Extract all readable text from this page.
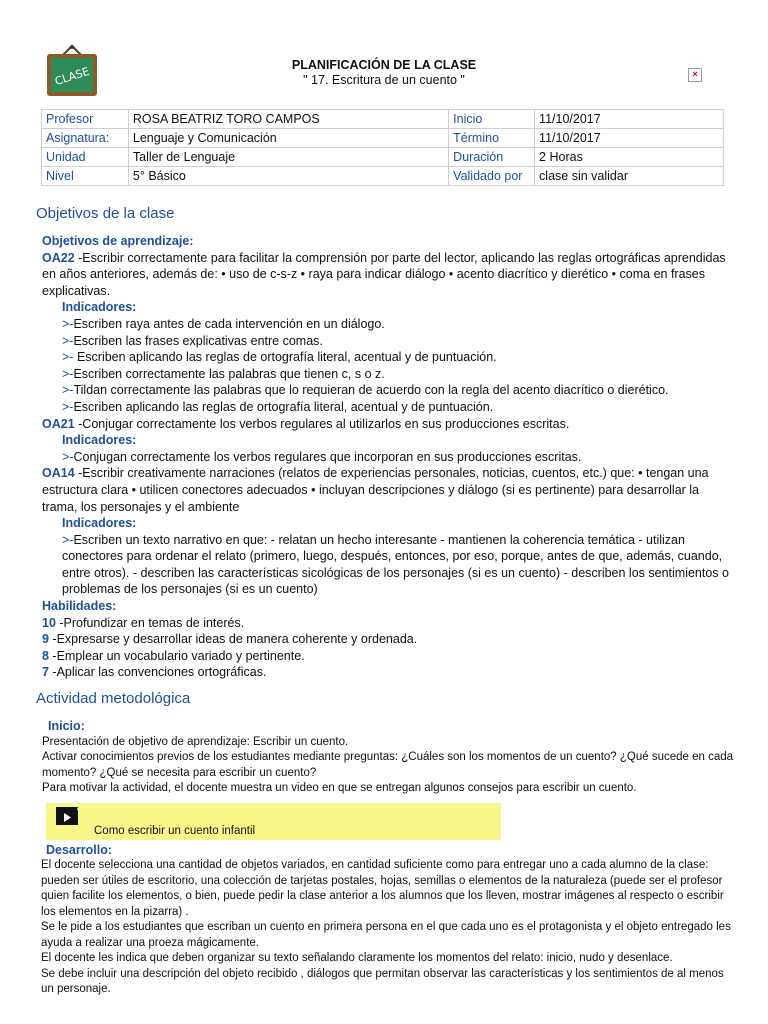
CLASE	PLANIFICACIÓN DE LA CLASE
" 17. Escritura de un cuento "	×
Profesor	ROSA BEATRIZ TORO CAMPOS	Inicio	11/10/2017
Asignatura:	Lenguaje y Comunicación	Término	11/10/2017
Unidad	Taller de Lenguaje	Duración	2 Horas
Nivel	5° Básico	Validado por	clase sin validar
Objetivos de la clase
Objetivos de aprendizaje:
OA22 -Escribir correctamente para facilitar la comprensión por parte del lector, aplicando las reglas ortográficas aprendidas en años anteriores, además de: • uso de c-s-z • raya para indicar diálogo • acento diacrítico y dierético • coma en frases explicativas.
Indicadores:
>-Escriben raya antes de cada intervención en un diálogo.
>-Escriben las frases explicativas entre comas.
>- Escriben aplicando las reglas de ortografía literal, acentual y de puntuación.
>-Escriben correctamente las palabras que tienen c, s o z.
>-Tildan correctamente las palabras que lo requieran de acuerdo con la regla del acento diacrítico o dierético.
>-Escriben aplicando las reglas de ortografía literal, acentual y de puntuación.
OA21 -Conjugar correctamente los verbos regulares al utilizarlos en sus producciones escritas.
Indicadores:
>-Conjugan correctamente los verbos regulares que incorporan en sus producciones escritas.
OA14 -Escribir creativamente narraciones (relatos de experiencias personales, noticias, cuentos, etc.) que: • tengan una estructura clara • utilicen conectores adecuados • incluyan descripciones y diálogo (si es pertinente) para desarrollar la trama, los personajes y el ambiente
Indicadores:
>-Escriben un texto narrativo en que: - relatan un hecho interesante - mantienen la coherencia temática - utilizan conectores para ordenar el relato (primero, luego, después, entonces, por eso, porque, antes de que, además, cuando, entre otros). - describen las características sicológicas de los personajes (si es un cuento) - describen los sentimientos o problemas de los personajes (si es un cuento)
Habilidades:
10 -Profundizar en temas de interés.
9 -Expresarse y desarrollar ideas de manera coherente y ordenada.
8 -Emplear un vocabulario variado y pertinente.
7 -Aplicar las convenciones ortográficas.
Actividad metodológica
Inicio:
Presentación de objetivo de aprendizaje: Escribir un cuento.
Activar conocimientos previos de los estudiantes mediante preguntas: ¿Cuáles son los momentos de un cuento? ¿Qué sucede en cada momento? ¿Qué se necesita para escribir un cuento?
Para motivar la actividad, el docente muestra un video en que se entregan algunos consejos para escribir un cuento.
Como escribir un cuento infantil
Desarrollo:
El docente selecciona una cantidad de objetos variados, en cantidad suficiente como para entregar uno a cada alumno de la clase: pueden ser útiles de escritorio, una colección de tarjetas postales, hojas, semillas o elementos de la naturaleza (puede ser el profesor quien facilite los elementos, o bien, puede pedir la clase anterior a los alumnos que los lleven, mostrar imágenes al respecto o escribir los elementos en la pizarra) .
Se le pide a los estudiantes que escriban un cuento en primera persona en el que cada uno es el protagonista y el objeto entregado les ayuda a realizar una proeza mágicamente.
El docente les indica que deben organizar su texto señalando claramente los momentos del relato: inicio, nudo y desenlace.
Se debe incluir una descripción del objeto recibido , diálogos que permitan observar las características y los sentimientos de al menos un personaje.
